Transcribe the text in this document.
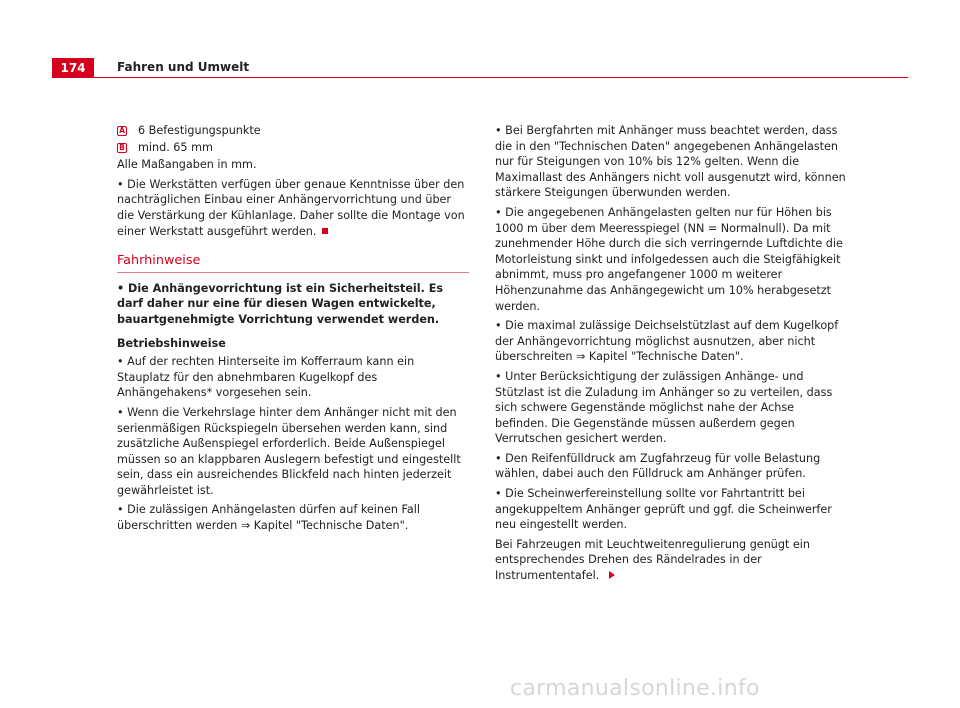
174	Fahren und Umwelt
A 6 Befestigungspunkte
B mind. 65 mm

Alle Maßangaben in mm.

• Die Werkstätten verfügen über genaue Kenntnisse über den nachträglichen Einbau einer Anhängervorrichtung und über die Verstärkung der Kühlanlage. Daher sollte die Montage von einer Werkstatt ausgeführt werden.

Fahrhinweise

• Die Anhängevorrichtung ist ein Sicherheitsteil. Es darf daher nur eine für diesen Wagen entwickelte, bauartgenehmigte Vorrichtung verwendet werden.

Betriebshinweise

• Auf der rechten Hinterseite im Kofferraum kann ein Stauplatz für den abnehmbaren Kugelkopf des Anhängehakens* vorgesehen sein.

• Wenn die Verkehrslage hinter dem Anhänger nicht mit den serienmäßigen Rückspiegeln übersehen werden kann, sind zusätzliche Außenspiegel erforderlich. Beide Außenspiegel müssen so an klappbaren Auslegern befestigt und eingestellt sein, dass ein ausreichendes Blickfeld nach hinten jederzeit gewährleistet ist.

• Die zulässigen Anhängelasten dürfen auf keinen Fall überschritten werden ⇒ Kapitel "Technische Daten".

• Bei Bergfahrten mit Anhänger muss beachtet werden, dass die in den "Technischen Daten" angegebenen Anhängelasten nur für Steigungen von 10% bis 12% gelten. Wenn die Maximallast des Anhängers nicht voll ausgenutzt wird, können stärkere Steigungen überwunden werden.

• Die angegebenen Anhängelasten gelten nur für Höhen bis 1000 m über dem Meeresspiegel (NN = Normalnull). Da mit zunehmender Höhe durch die sich verringernde Luftdichte die Motorleistung sinkt und infolgedessen auch die Steigfähigkeit abnimmt, muss pro angefangener 1000 m weiterer Höhenzunahme das Anhängegewicht um 10% herabgesetzt werden.

• Die maximal zulässige Deichselstützlast auf dem Kugelkopf der Anhängevorrichtung möglichst ausnutzen, aber nicht überschreiten ⇒ Kapitel "Technische Daten".

• Unter Berücksichtigung der zulässigen Anhänge- und Stützlast ist die Zuladung im Anhänger so zu verteilen, dass sich schwere Gegenstände möglichst nahe der Achse befinden. Die Gegenstände müssen außerdem gegen Verrutschen gesichert werden.

• Den Reifenfülldruck am Zugfahrzeug für volle Belastung wählen, dabei auch den Fülldruck am Anhänger prüfen.

• Die Scheinwerfereinstellung sollte vor Fahrtantritt bei angekuppeltem Anhänger geprüft und ggf. die Scheinwerfer neu eingestellt werden.

Bei Fahrzeugen mit Leuchtweitenregulierung genügt ein entsprechendes Drehen des Rändelrades in der Instrumententafel.

carmanualsonline.info
